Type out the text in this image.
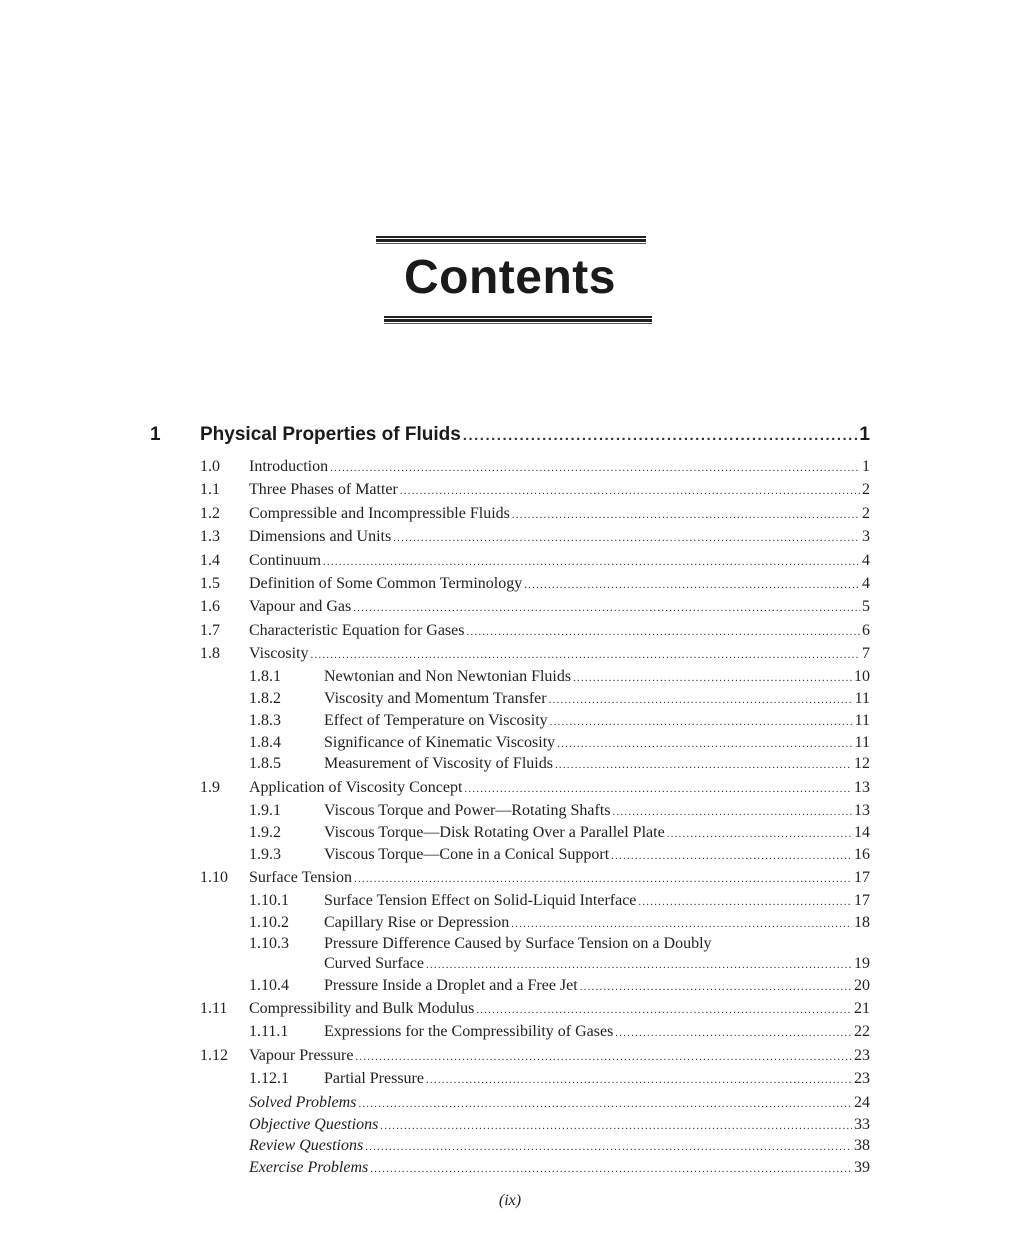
Contents
1 Physical Properties of Fluids .....	1
1.0 Introduction .....	1
1.1 Three Phases of Matter .....	2
1.2 Compressible and Incompressible Fluids .....	2
1.3 Dimensions and Units .....	3
1.4 Continuum .....	4
1.5 Definition of Some Common Terminology .....	4
1.6 Vapour and Gas .....	5
1.7 Characteristic Equation for Gases .....	6
1.8 Viscosity .....	7
1.8.1	Newtonian and Non Newtonian Fluids .....	10
1.8.2	Viscosity and Momentum Transfer .....	11
1.8.3	Effect of Temperature on Viscosity .....	11
1.8.4	Significance of Kinematic Viscosity .....	11
1.8.5	Measurement of Viscosity of Fluids .....	12
1.9 Application of Viscosity Concept .....	13
1.9.1	Viscous Torque and Power—Rotating Shafts .....	13
1.9.2	Viscous Torque—Disk Rotating Over a Parallel Plate .....	14
1.9.3	Viscous Torque—Cone in a Conical Support .....	16
1.10 Surface Tension .....	17
1.10.1 Surface Tension Effect on Solid-Liquid Interface .....	17
1.10.2 Capillary Rise or Depression .....	18
1.10.3 Pressure Difference Caused by Surface Tension on a Doubly
Curved Surface .....	19
1.10.4 Pressure Inside a Droplet and a Free Jet .....	20
1.11 Compressibility and Bulk Modulus .....	21
1.11.1 Expressions for the Compressibility of Gases .....	22
1.12 Vapour Pressure .....	23
1.12.1 Partial Pressure .....	23
Solved Problems .....	24
Objective Questions .....	33
Review Questions .....	38
Exercise Problems .....	39
(ix)
